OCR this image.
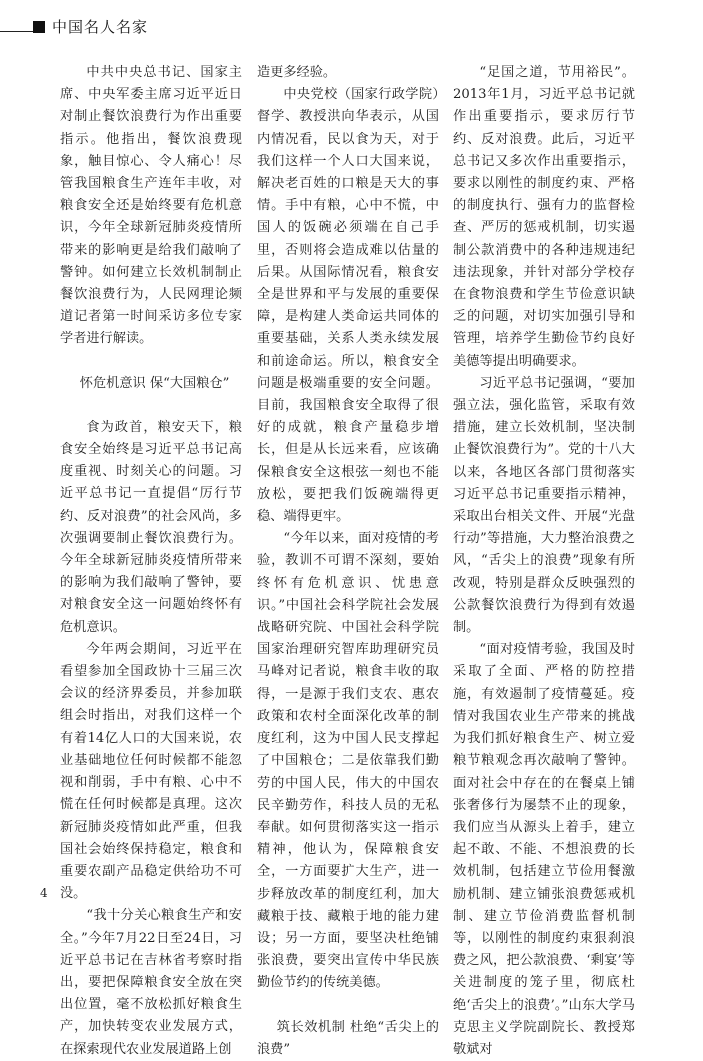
中国名人名家

中共中央总书记、国家主席、中央军委主席习近平近日对制止餐饮浪费行为作出重要指示。他指出，餐饮浪费现象，触目惊心、令人痛心！尽管我国粮食生产连年丰收，对粮食安全还是始终要有危机意识，今年全球新冠肺炎疫情所带来的影响更是给我们敲响了警钟。如何建立长效机制制止餐饮浪费行为，人民网理论频道记者第一时间采访多位专家学者进行解读。

怀危机意识 保“大国粮仓”

食为政首，粮安天下，粮食安全始终是习近平总书记高度重视、时刻关心的问题。习近平总书记一直提倡“厉行节约、反对浪费”的社会风尚，多次强调要制止餐饮浪费行为。今年全球新冠肺炎疫情所带来的影响为我们敲响了警钟，要对粮食安全这一问题始终怀有危机意识。

今年两会期间，习近平在看望参加全国政协十三届三次会议的经济界委员，并参加联组会时指出，对我们这样一个有着14亿人口的大国来说，农业基础地位任何时候都不能忽视和削弱，手中有粮、心中不慌在任何时候都是真理。这次新冠肺炎疫情如此严重，但我国社会始终保持稳定，粮食和重要农副产品稳定供给功不可没。

“我十分关心粮食生产和安全。”今年7月22日至24日，习近平总书记在吉林省考察时指出，要把保障粮食安全放在突出位置，毫不放松抓好粮食生产，加快转变农业发展方式，在探索现代农业发展道路上创

造更多经验。

中央党校（国家行政学院）督学、教授洪向华表示，从国内情况看，民以食为天，对于我们这样一个人口大国来说，解决老百姓的口粮是天大的事情。手中有粮，心中不慌，中国人的饭碗必须端在自己手里，否则将会造成难以估量的后果。从国际情况看，粮食安全是世界和平与发展的重要保障，是构建人类命运共同体的重要基础，关系人类永续发展和前途命运。所以，粮食安全问题是极端重要的安全问题。目前，我国粮食安全取得了很好的成就，粮食产量稳步增长，但是从长远来看，应该确保粮食安全这根弦一刻也不能放松，要把我们饭碗端得更稳、端得更牢。

“今年以来，面对疫情的考验，教训不可谓不深刻，要始终怀有危机意识、忧患意识。”中国社会科学院社会发展战略研究院、中国社会科学院国家治理研究智库助理研究员马峰对记者说，粮食丰收的取得，一是源于我们支农、惠农政策和农村全面深化改革的制度红利，这为中国人民支撑起了中国粮仓；二是依靠我们勤劳的中国人民，伟大的中国农民辛勤劳作，科技人员的无私奉献。如何贯彻落实这一指示精神，他认为，保障粮食安全，一方面要扩大生产，进一步释放改革的制度红利，加大藏粮于技、藏粮于地的能力建设；另一方面，要坚决杜绝铺张浪费，要突出宣传中华民族勤俭节约的传统美德。

筑长效机制 杜绝“舌尖上的浪费”

“足国之道，节用裕民”。2013年1月，习近平总书记就作出重要指示，要求厉行节约、反对浪费。此后，习近平总书记又多次作出重要指示，要求以刚性的制度约束、严格的制度执行、强有力的监督检查、严厉的惩戒机制，切实遏制公款消费中的各种违规违纪违法现象，并针对部分学校存在食物浪费和学生节俭意识缺乏的问题，对切实加强引导和管理，培养学生勤俭节约良好美德等提出明确要求。

习近平总书记强调，“要加强立法，强化监管，采取有效措施，建立长效机制，坚决制止餐饮浪费行为”。党的十八大以来，各地区各部门贯彻落实习近平总书记重要指示精神，采取出台相关文件、开展“光盘行动”等措施，大力整治浪费之风，“舌尖上的浪费”现象有所改观，特别是群众反映强烈的公款餐饮浪费行为得到有效遏制。

“面对疫情考验，我国及时采取了全面、严格的防控措施，有效遏制了疫情蔓延。疫情对我国农业生产带来的挑战为我们抓好粮食生产、树立爱粮节粮观念再次敲响了警钟。面对社会中存在的在餐桌上铺张奢侈行为屡禁不止的现象，我们应当从源头上着手，建立起不敢、不能、不想浪费的长效机制，包括建立节俭用餐激励机制、建立铺张浪费惩戒机制、建立节俭消费监督机制等，以刚性的制度约束狠刹浪费之风，把公款浪费、‘剩宴’等关进制度的笼子里，彻底杜绝‘舌尖上的浪费’。”山东大学马克思主义学院副院长、教授郑敬斌对

4
